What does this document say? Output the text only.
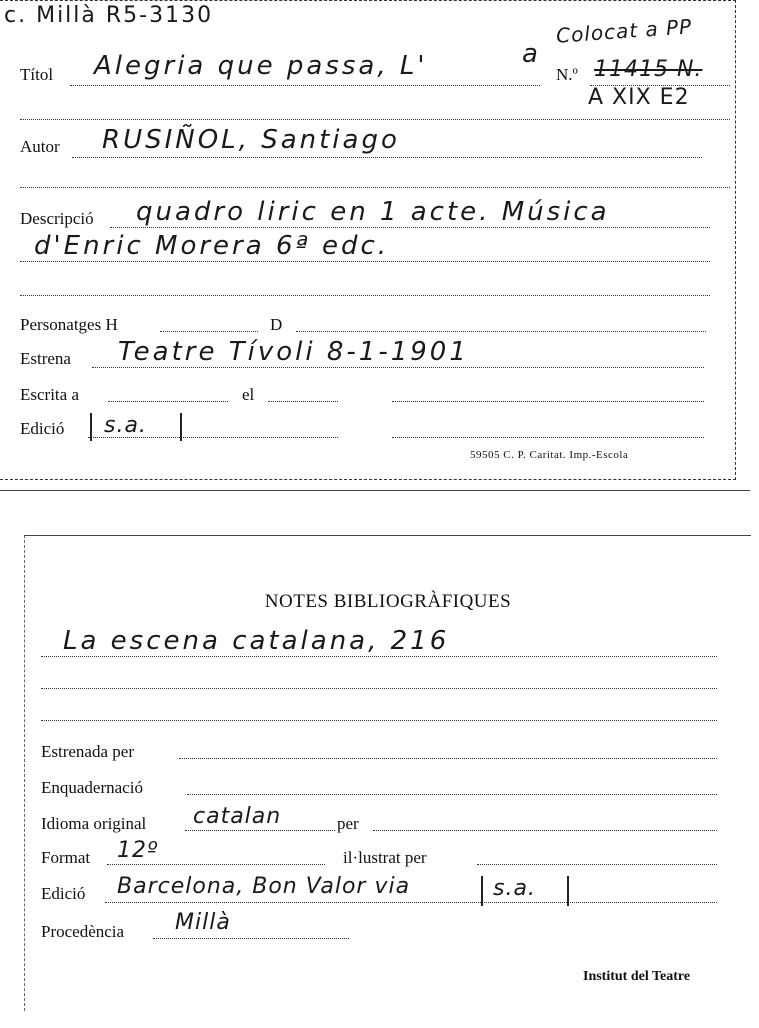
c. Millà R5-3130	Colocat a PP
Títol Alegria que passa, L'	a
N.º 11415 N.
A XIX E2
Autor RUSIÑOL, Santiago
Descripció quadro liric en 1 acte. Música
d'Enric Morera 6ª edc.
Personatges H	D
Estrena Teatre Tívoli 8-1-1901
Escrita a	el
Edició s.a.
59505 C. P. Caritat. Imp.-Escola
NOTES BIBLIOGRÀFIQUES
La escena catalana, 216
Estrenada per
Enquadernació
Idioma original catalan	per
Format 12º	il·lustrat per
Edició Barcelona, Bon Valor via	s.a.
Procedència Millà
Institut del Teatre
